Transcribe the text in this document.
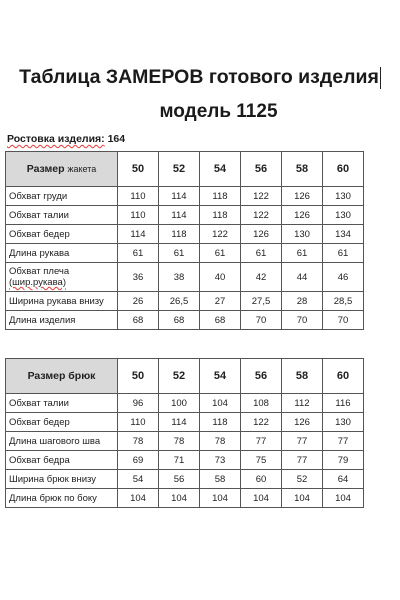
Таблица ЗАМЕРОВ готового изделия
модель 1125
Ростовка изделия: 164
Размер жакета	50	52	54	56	58	60
Обхват груди	110	114	118	122	126	130
Обхват талии	110	114	118	122	126	130
Обхват бедер	114	118	122	126	130	134
Длина рукава	61	61	61	61	61	61
Обхват плеча
(шир.рукава)	36	38	40	42	44	46
Ширина рукава внизу	26	26,5	27	27,5	28	28,5
Длина изделия	68	68	68	70	70	70
Размер брюк	50	52	54	56	58	60
Обхват талии	96	100	104	108	112	116
Обхват бедер	110	114	118	122	126	130
Длина шагового шва	78	78	78	77	77	77
Обхват бедра	69	71	73	75	77	79
Ширина брюк внизу	54	56	58	60	52	64
Длина брюк по боку	104	104	104	104	104	104
